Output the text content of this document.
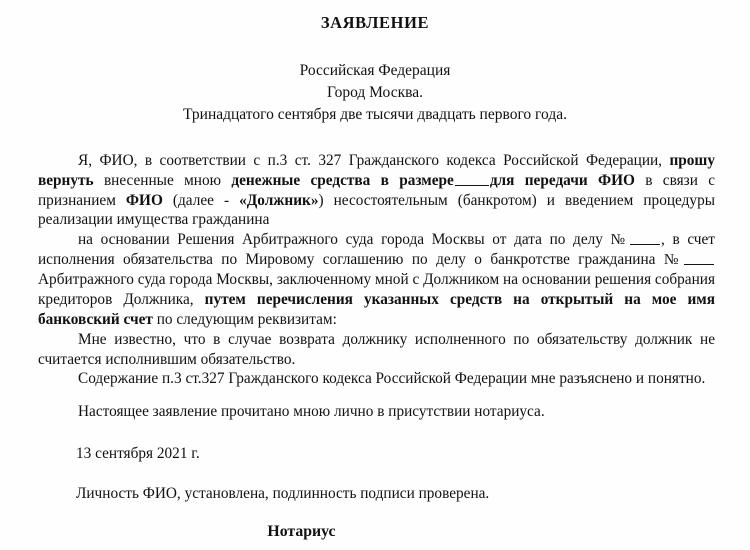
ЗАЯВЛЕНИЕ
Российская Федерация
Город Москва.
Тринадцатого сентября две тысячи двадцать первого года.

Я, ФИО, в соответствии с п.3 ст. 327 Гражданского кодекса Российской Федерации, прошу вернуть внесенные мною денежные средства в размере для передачи ФИО в связи с признанием ФИО (далее - «Должник») несостоятельным (банкротом) и введением процедуры реализации имущества гражданина

на основании Решения Арбитражного суда города Москвы от дата по делу № , в счет исполнения обязательства по Мировому соглашению по делу о банкротстве гражданина № Арбитражного суда города Москвы, заключенному мной с Должником на основании решения собрания кредиторов Должника, путем перечисления указанных средств на открытый на мое имя банковский счет по следующим реквизитам:

Мне известно, что в случае возврата должнику исполненного по обязательству должник не считается исполнившим обязательство.

Содержание п.3 ст.327 Гражданского кодекса Российской Федерации мне разъяснено и понятно.

Настоящее заявление прочитано мною лично в присутствии нотариуса.

13 сентября 2021 г.

Личность ФИО, установлена, подлинность подписи проверена.

Нотариус
